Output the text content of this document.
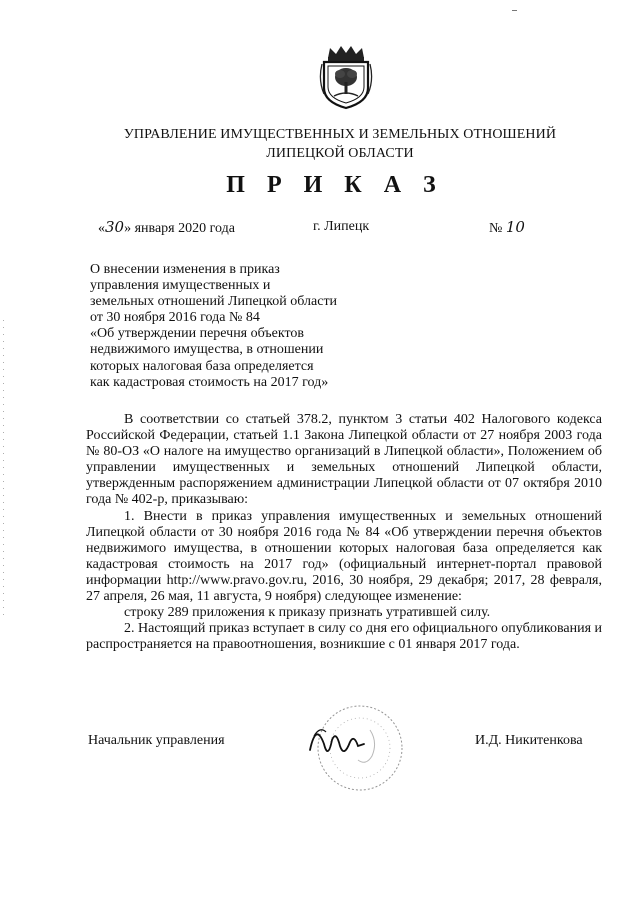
УПРАВЛЕНИЕ ИМУЩЕСТВЕННЫХ И ЗЕМЕЛЬНЫХ ОТНОШЕНИЙ
ЛИПЕЦКОЙ ОБЛАСТИ
П Р И К А З
«30» января 2020 года	г. Липецк	№ 10
О внесении изменения в приказ
управления имущественных и
земельных отношений Липецкой области
от 30 ноября 2016 года № 84
«Об утверждении перечня объектов
недвижимого имущества, в отношении
которых налоговая база определяется
как кадастровая стоимость на 2017 год»

В соответствии со статьей 378.2, пунктом 3 статьи 402 Налогового кодекса Российской Федерации, статьей 1.1 Закона Липецкой области от 27 ноября 2003 года № 80-ОЗ «О налоге на имущество организаций в Липецкой области», Положением об управлении имущественных и земельных отношений Липецкой области, утвержденным распоряжением администрации Липецкой области от 07 октября 2010 года № 402-р, приказываю:

1. Внести в приказ управления имущественных и земельных отношений Липецкой области от 30 ноября 2016 года № 84 «Об утверждении перечня объектов недвижимого имущества, в отношении которых налоговая база определяется как кадастровая стоимость на 2017 год» (официальный интернет-портал правовой информации http://www.pravo.gov.ru, 2016, 30 ноября, 29 декабря; 2017, 28 февраля, 27 апреля, 26 мая, 11 августа, 9 ноября) следующее изменение:

строку 289 приложения к приказу признать утратившей силу.

2. Настоящий приказ вступает в силу со дня его официального опубликования и распространяется на правоотношения, возникшие с 01 января 2017 года.

Начальник управления	И.Д. Никитенкова
